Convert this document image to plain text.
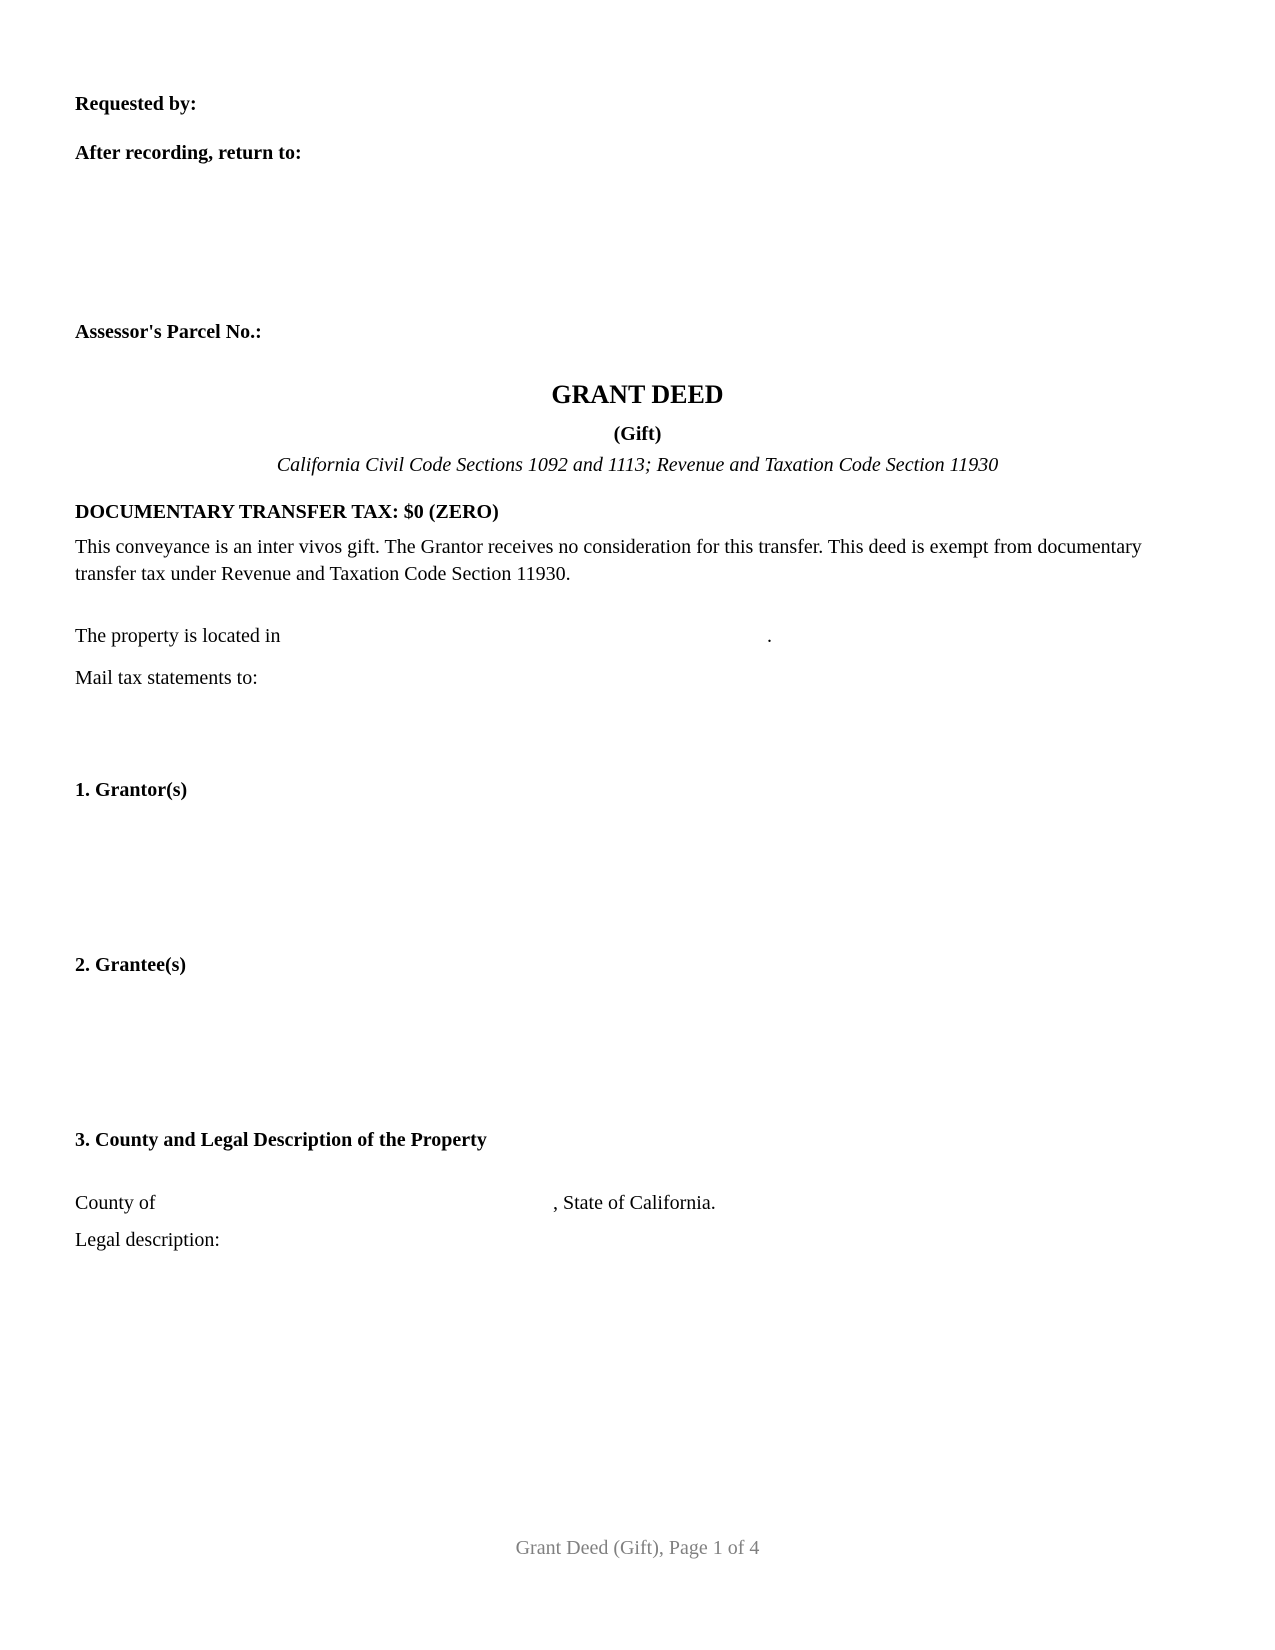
Requested by:
After recording, return to:
Assessor's Parcel No.:
GRANT DEED
(Gift)
California Civil Code Sections 1092 and 1113; Revenue and Taxation Code Section 11930
DOCUMENTARY TRANSFER TAX: $0 (ZERO)
This conveyance is an inter vivos gift. The Grantor receives no consideration for this transfer. This deed is exempt from documentary transfer tax under Revenue and Taxation Code Section 11930.
The property is located in	.
Mail tax statements to:
1. Grantor(s)
2. Grantee(s)
3. County and Legal Description of the Property
County of	, State of California.
Legal description:
Grant Deed (Gift), Page 1 of 4
